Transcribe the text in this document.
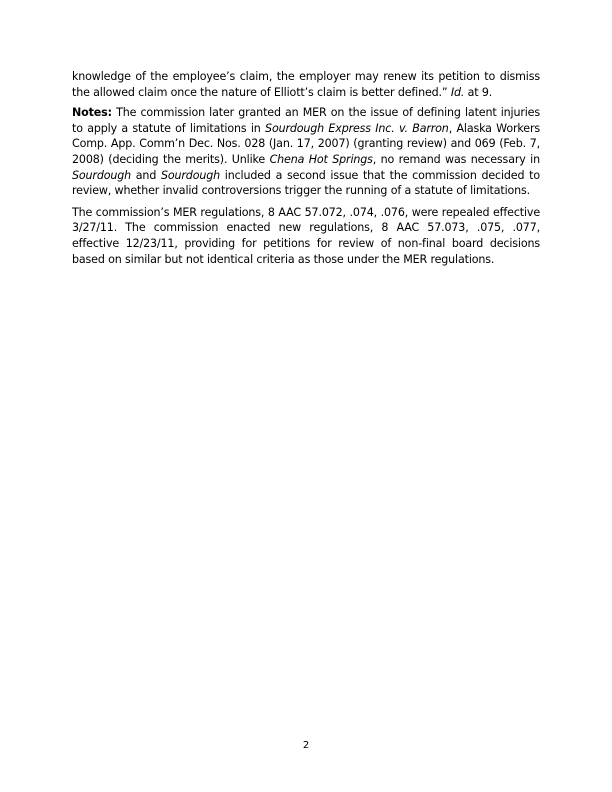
knowledge of the employee’s claim, the employer may renew its petition to dismiss the allowed claim once the nature of Elliott’s claim is better defined.” Id. at 9.

Notes: The commission later granted an MER on the issue of defining latent injuries to apply a statute of limitations in Sourdough Express Inc. v. Barron, Alaska Workers Comp. App. Comm’n Dec. Nos. 028 (Jan. 17, 2007) (granting review) and 069 (Feb. 7, 2008) (deciding the merits). Unlike Chena Hot Springs, no remand was necessary in Sourdough and Sourdough included a second issue that the commission decided to review, whether invalid controversions trigger the running of a statute of limitations.

The commission’s MER regulations, 8 AAC 57.072, .074, .076, were repealed effective 3/27/11. The commission enacted new regulations, 8 AAC 57.073, .075, .077, effective 12/23/11, providing for petitions for review of non-final board decisions based on similar but not identical criteria as those under the MER regulations.

2
